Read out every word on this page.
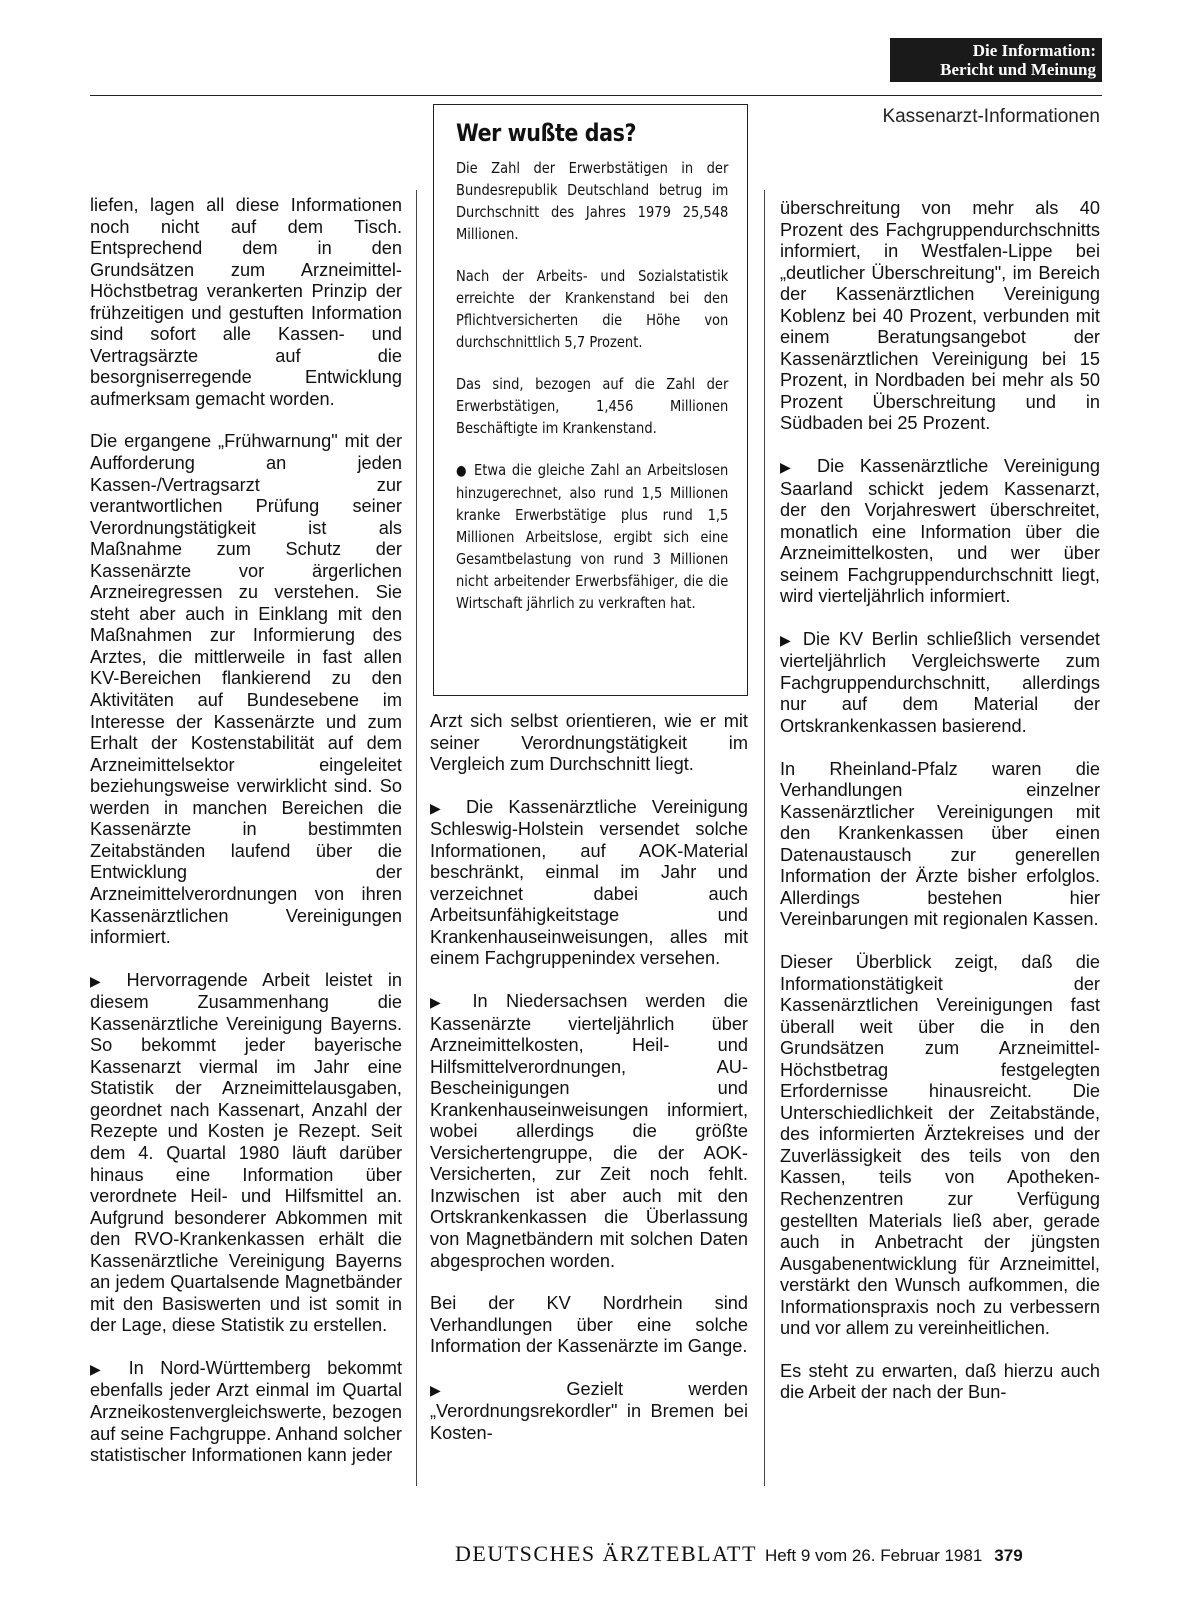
Die Information:
Bericht und Meinung
Kassenarzt-Informationen
Wer wußte das?

Die Zahl der Erwerbstätigen in der Bundesrepublik Deutschland betrug im Durchschnitt des Jahres 1979 25,548 Millionen.

Nach der Arbeits- und Sozialstatistik erreichte der Krankenstand bei den Pflichtversicherten die Höhe von durchschnittlich 5,7 Prozent.

Das sind, bezogen auf die Zahl der Erwerbstätigen, 1,456 Millionen Beschäftigte im Krankenstand.

● Etwa die gleiche Zahl an Arbeitslosen hinzugerechnet, also rund 1,5 Millionen kranke Erwerbstätige plus rund 1,5 Millionen Arbeitslose, ergibt sich eine Gesamtbelastung von rund 3 Millionen nicht arbeitender Erwerbsfähiger, die die Wirtschaft jährlich zu verkraften hat.

liefen, lagen all diese Informationen noch nicht auf dem Tisch. Entsprechend dem in den Grundsätzen zum Arzneimittel-Höchstbetrag verankerten Prinzip der frühzeitigen und gestuften Information sind sofort alle Kassen- und Vertragsärzte auf die besorgniserregende Entwicklung aufmerksam gemacht worden.

Die ergangene „Frühwarnung" mit der Aufforderung an jeden Kassen-/Vertragsarzt zur verantwortlichen Prüfung seiner Verordnungstätigkeit ist als Maßnahme zum Schutz der Kassenärzte vor ärgerlichen Arzneiregressen zu verstehen. Sie steht aber auch in Einklang mit den Maßnahmen zur Informierung des Arztes, die mittlerweile in fast allen KV-Bereichen flankierend zu den Aktivitäten auf Bundesebene im Interesse der Kassenärzte und zum Erhalt der Kostenstabilität auf dem Arzneimittelsektor eingeleitet beziehungsweise verwirklicht sind. So werden in manchen Bereichen die Kassenärzte in bestimmten Zeitabständen laufend über die Entwicklung der Arzneimittelverordnungen von ihren Kassenärztlichen Vereinigungen informiert.

▶ Hervorragende Arbeit leistet in diesem Zusammenhang die Kassenärztliche Vereinigung Bayerns. So bekommt jeder bayerische Kassenarzt viermal im Jahr eine Statistik der Arzneimittelausgaben, geordnet nach Kassenart, Anzahl der Rezepte und Kosten je Rezept. Seit dem 4. Quartal 1980 läuft darüber hinaus eine Information über verordnete Heil- und Hilfsmittel an. Aufgrund besonderer Abkommen mit den RVO-Krankenkassen erhält die Kassenärztliche Vereinigung Bayerns an jedem Quartalsende Magnetbänder mit den Basiswerten und ist somit in der Lage, diese Statistik zu erstellen.

▶ In Nord-Württemberg bekommt ebenfalls jeder Arzt einmal im Quartal Arzneikostenvergleichswerte, bezogen auf seine Fachgruppe. Anhand solcher statistischer Informationen kann jeder

Arzt sich selbst orientieren, wie er mit seiner Verordnungstätigkeit im Vergleich zum Durchschnitt liegt.

▶ Die Kassenärztliche Vereinigung Schleswig-Holstein versendet solche Informationen, auf AOK-Material beschränkt, einmal im Jahr und verzeichnet dabei auch Arbeitsunfähigkeitstage und Krankenhauseinweisungen, alles mit einem Fachgruppenindex versehen.

▶ In Niedersachsen werden die Kassenärzte vierteljährlich über Arzneimittelkosten, Heil- und Hilfsmittelverordnungen, AU-Bescheinigungen und Krankenhauseinweisungen informiert, wobei allerdings die größte Versichertengruppe, die der AOK-Versicherten, zur Zeit noch fehlt. Inzwischen ist aber auch mit den Ortskrankenkassen die Überlassung von Magnetbändern mit solchen Daten abgesprochen worden.

Bei der KV Nordrhein sind Verhandlungen über eine solche Information der Kassenärzte im Gange.

▶	Gezielt werden „Verordnungsrekordler" in Bremen bei Kosten-

überschreitung von mehr als 40 Prozent des Fachgruppendurchschnitts informiert, in Westfalen-Lippe bei „deutlicher Überschreitung", im Bereich der Kassenärztlichen Vereinigung Koblenz bei 40 Prozent, verbunden mit einem Beratungsangebot der Kassenärztlichen Vereinigung bei 15 Prozent, in Nordbaden bei mehr als 50 Prozent Überschreitung und in Südbaden bei 25 Prozent.

▶ Die Kassenärztliche Vereinigung Saarland schickt jedem Kassenarzt, der den Vorjahreswert überschreitet, monatlich eine Information über die Arzneimittelkosten, und wer über seinem Fachgruppendurchschnitt liegt, wird vierteljährlich informiert.

▶ Die KV Berlin schließlich versendet vierteljährlich Vergleichswerte zum Fachgruppendurchschnitt, allerdings nur auf dem Material der Ortskrankenkassen basierend.

In Rheinland-Pfalz waren die Verhandlungen einzelner Kassenärztlicher Vereinigungen mit den Krankenkassen über einen Datenaustausch zur generellen Information der Ärzte bisher erfolglos. Allerdings bestehen hier Vereinbarungen mit regionalen Kassen.

Dieser Überblick zeigt, daß die Informationstätigkeit der Kassenärztlichen Vereinigungen fast überall weit über die in den Grundsätzen zum Arzneimittel-Höchstbetrag festgelegten Erfordernisse hinausreicht. Die Unterschiedlichkeit der Zeitabstände, des informierten Ärztekreises und der Zuverlässigkeit des teils von den Kassen, teils von Apotheken-Rechenzentren zur Verfügung gestellten Materials ließ aber, gerade auch in Anbetracht der jüngsten Ausgabenentwicklung für Arzneimittel, verstärkt den Wunsch aufkommen, die Informationspraxis noch zu verbessern und vor allem zu vereinheitlichen.

Es steht zu erwarten, daß hierzu auch die Arbeit der nach der Bun-

DEUTSCHES ÄRZTEBLATT Heft 9 vom 26. Februar 1981 379
